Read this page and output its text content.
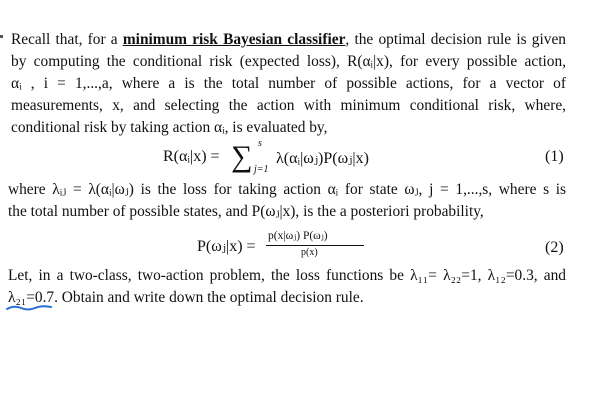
Recall that, for a minimum risk Bayesian classifier, the optimal decision rule is given
by computing the conditional risk (expected loss), R(αᵢ|x), for every possible action,
αᵢ , i = 1,...,a, where a is the total number of possible actions, for a vector of
measurements, x, and selecting the action with minimum conditional risk, where,
conditional risk by taking action αᵢ, is evaluated by,
R(αᵢ|x) = ∑ s
j=1
λ(αᵢ|ωⱼ)P(ωⱼ|x)	(1)
where λᵢⱼ = λ(αᵢ|ωⱼ) is the loss for taking action αᵢ for state ωⱼ, j = 1,...,s, where s is
the total number of possible states, and P(ωⱼ|x), is the a posteriori probability,
P(ωⱼ|x) =
p(x|ωⱼ) P(ωⱼ)
p(x)	(2)
Let, in a two-class, two-action problem, the loss functions be λ₁₁= λ₂₂=1, λ₁₂=0.3, and
λ₂₁=0.7. Obtain and write down the optimal decision rule.
